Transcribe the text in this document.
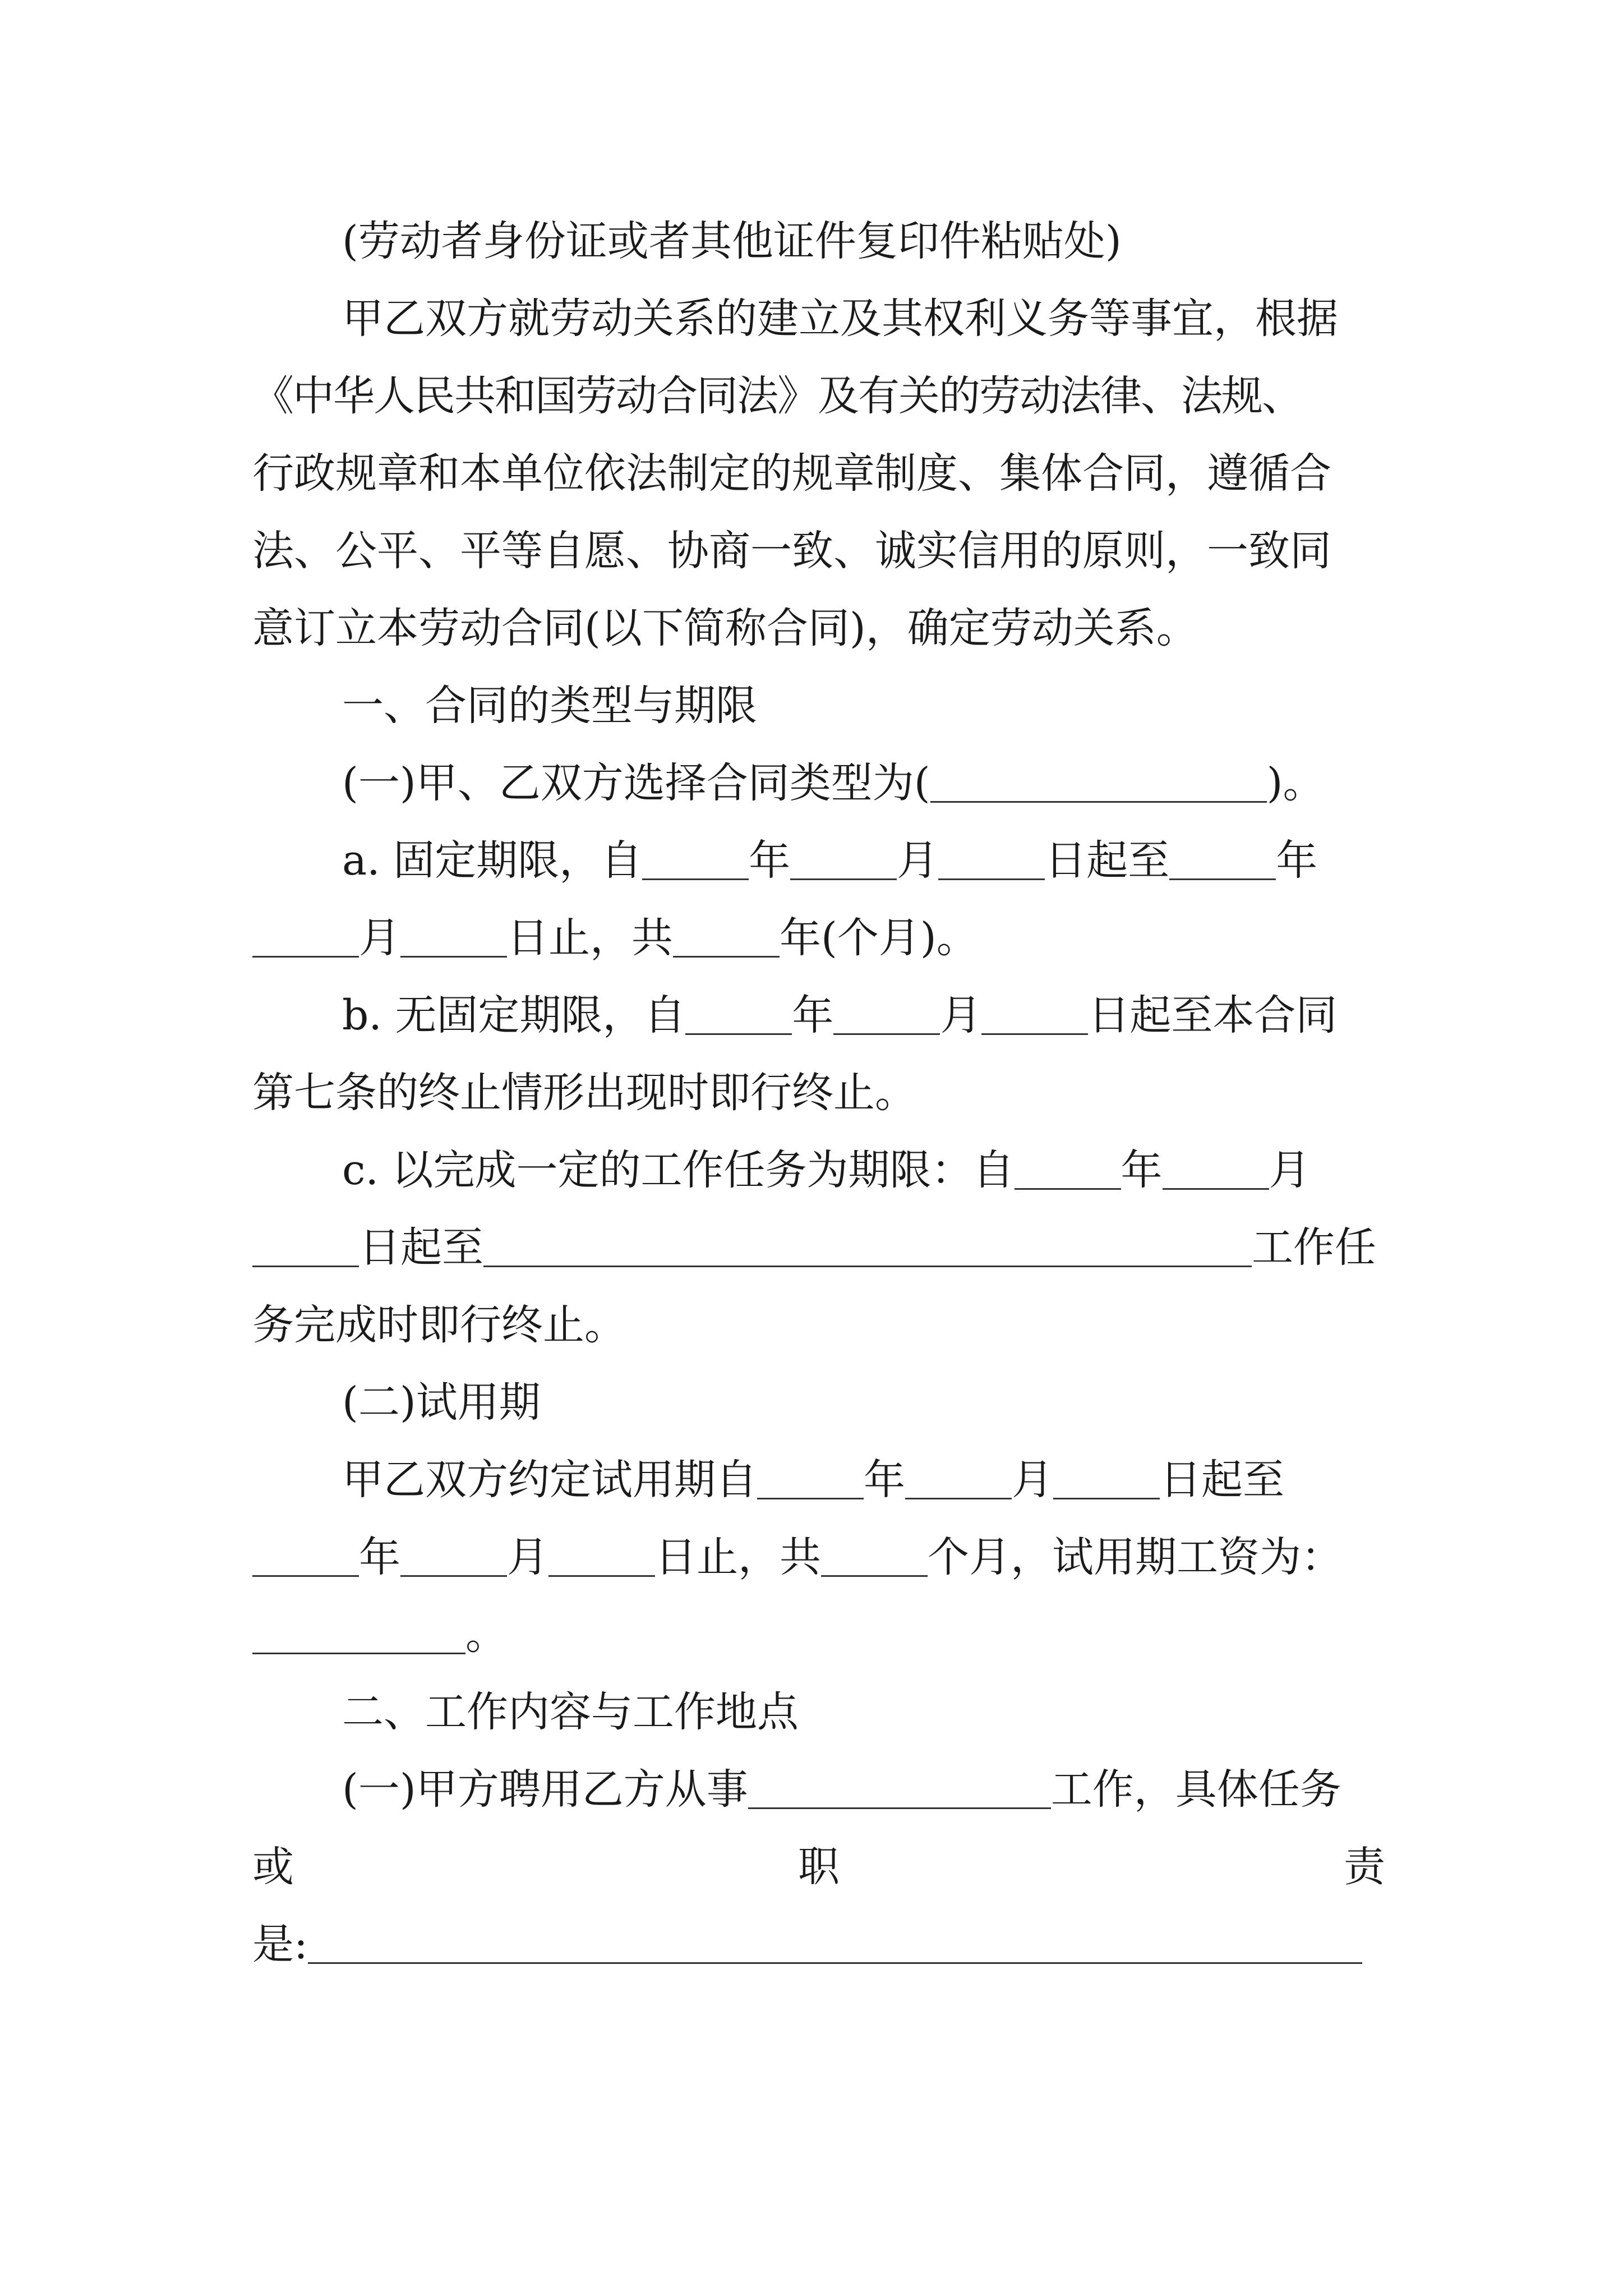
(劳动者身份证或者其他证件复印件粘贴处)
甲乙双方就劳动关系的建立及其权利义务等事宜，根据
《中华人民共和国劳动合同法》及有关的劳动法律、法规、
行政规章和本单位依法制定的规章制度、集体合同，遵循合
法、公平、平等自愿、协商一致、诚实信用的原则，一致同
意订立本劳动合同(以下简称合同)，确定劳动关系。
一、合同的类型与期限
(一)甲、乙双方选择合同类型为(	)。
a. 固定期限，自	年	月	日起至	年
月	日止，共	年(个月)。
b. 无固定期限，自	年	月	日起至本合同
第七条的终止情形出现时即行终止。
c. 以完成一定的工作任务为期限：自	年	月
日起至	工作任
务完成时即行终止。
(二)试用期
甲乙双方约定试用期自	年	月	日起至
年	月	日止，共	个月，试用期工资为：
。
二、工作内容与工作地点
(一)甲方聘用乙方从事	工作，具体任务
或	职	责
是:
